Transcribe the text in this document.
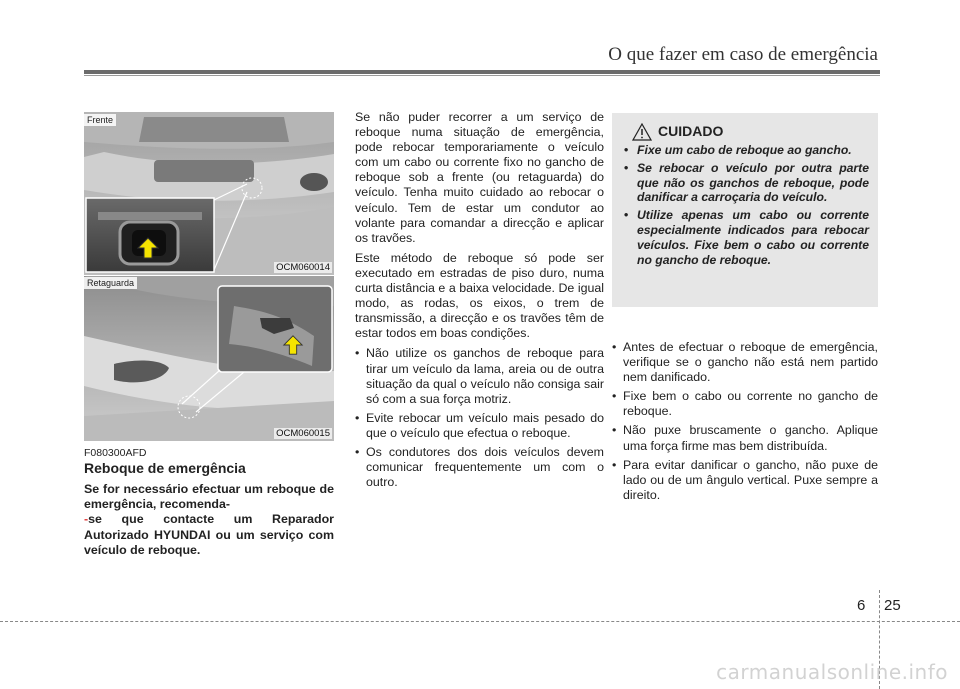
O que fazer em caso de emergência
Frente
OCM060014
Retaguarda
OCM060015
F080300AFD
Reboque de emergência
Se for necessário efectuar um reboque de emergência, recomenda-
-se que contacte um Reparador Autorizado HYUNDAI ou um serviço com veículo de reboque.

Se não puder recorrer a um serviço de reboque numa situação de emergência, pode rebocar temporariamente o veículo com um cabo ou corrente fixo no gancho de reboque sob a frente (ou retaguarda) do veículo. Tenha muito cuidado ao rebocar o veículo. Tem de estar um condutor ao volante para comandar a direcção e aplicar os travões.

Este método de reboque só pode ser executado em estradas de piso duro, numa curta distância e a baixa velocidade. De igual modo, as rodas, os eixos, o trem de transmissão, a direcção e os travões têm de estar todos em boas condições.

• Não utilize os ganchos de reboque para tirar um veículo da lama, areia ou de outra situação da qual o veículo não consiga sair só com a sua força motriz.
• Evite rebocar um veículo mais pesado do que o veículo que efectua o reboque.
• Os condutores dos dois veículos devem comunicar frequentemente um com o outro.
CUIDADO
• Fixe um cabo de reboque ao gancho.
• Se rebocar o veículo por outra parte que não os ganchos de reboque, pode danificar a carroçaria do veículo.
• Utilize apenas um cabo ou corrente especialmente indicados para rebocar veículos. Fixe bem o cabo ou corrente no gancho de reboque.
• Antes de efectuar o reboque de emergência, verifique se o gancho não está nem partido nem danificado.
• Fixe bem o cabo ou corrente no gancho de reboque.
• Não puxe bruscamente o gancho. Aplique uma força firme mas bem distribuída.
• Para evitar danificar o gancho, não puxe de lado ou de um ângulo vertical. Puxe sempre a direito.
6 25
carmanualsonline.info
